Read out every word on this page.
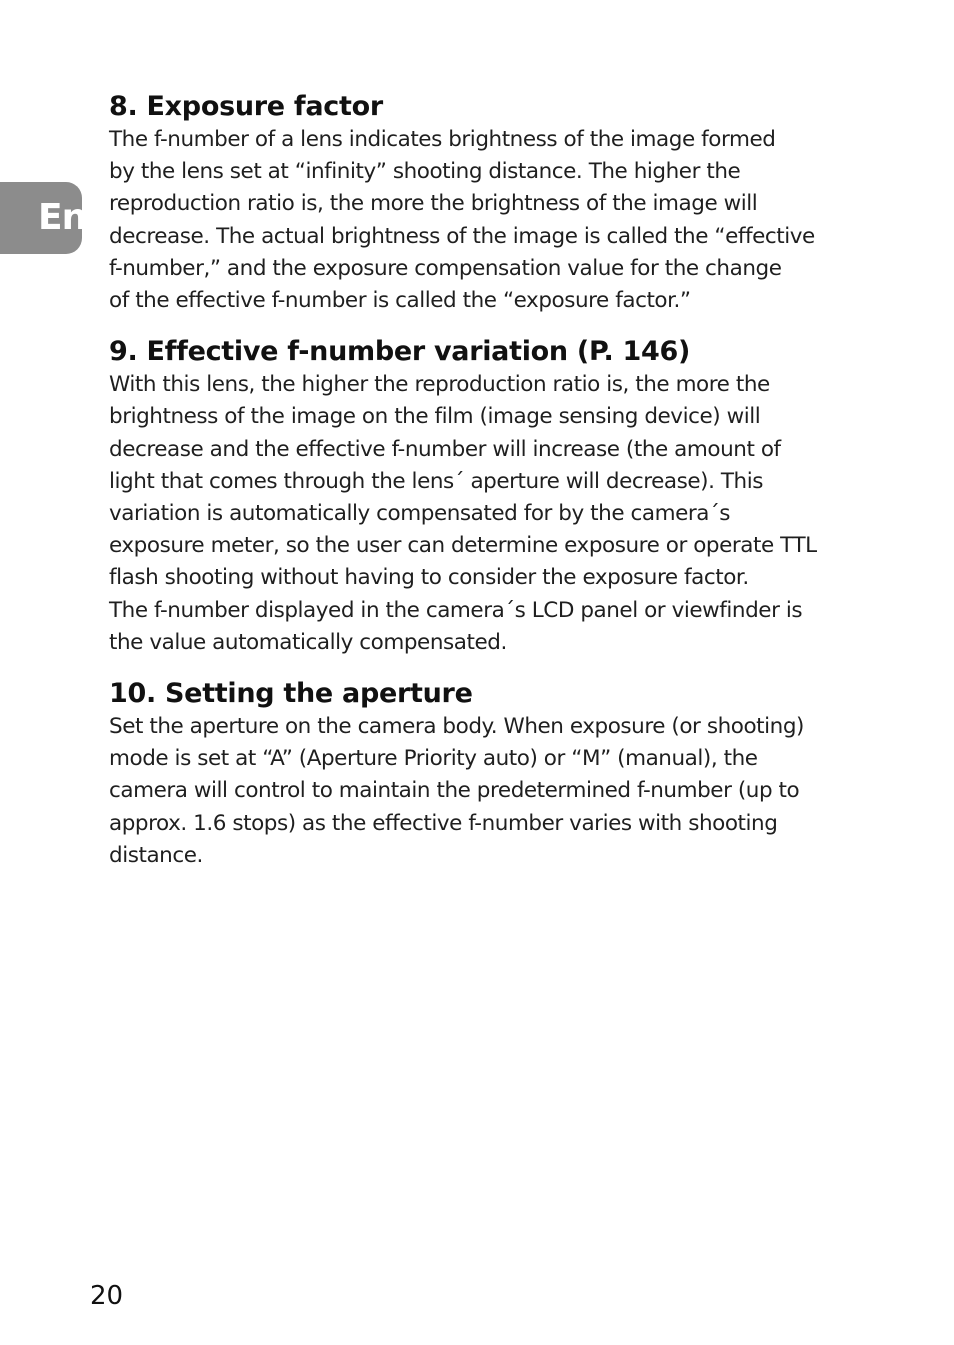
En
8. Exposure factor

The f-number of a lens indicates brightness of the image formed
by the lens set at “infinity” shooting distance. The higher the
reproduction ratio is, the more the brightness of the image will
decrease. The actual brightness of the image is called the “effective
f-number,” and the exposure compensation value for the change
of the effective f-number is called the “exposure factor.”

9. Effective f-number variation (P. 146)

With this lens, the higher the reproduction ratio is, the more the
brightness of the image on the film (image sensing device) will
decrease and the effective f-number will increase (the amount of
light that comes through the lens´ aperture will decrease). This
variation is automatically compensated for by the camera´s
exposure meter, so the user can determine exposure or operate TTL
flash shooting without having to consider the exposure factor.
The f-number displayed in the camera´s LCD panel or viewfinder is
the value automatically compensated.

10. Setting the aperture

Set the aperture on the camera body. When exposure (or shooting)
mode is set at “A” (Aperture Priority auto) or “M” (manual), the
camera will control to maintain the predetermined f-number (up to
approx. 1.6 stops) as the effective f-number varies with shooting
distance.

20
